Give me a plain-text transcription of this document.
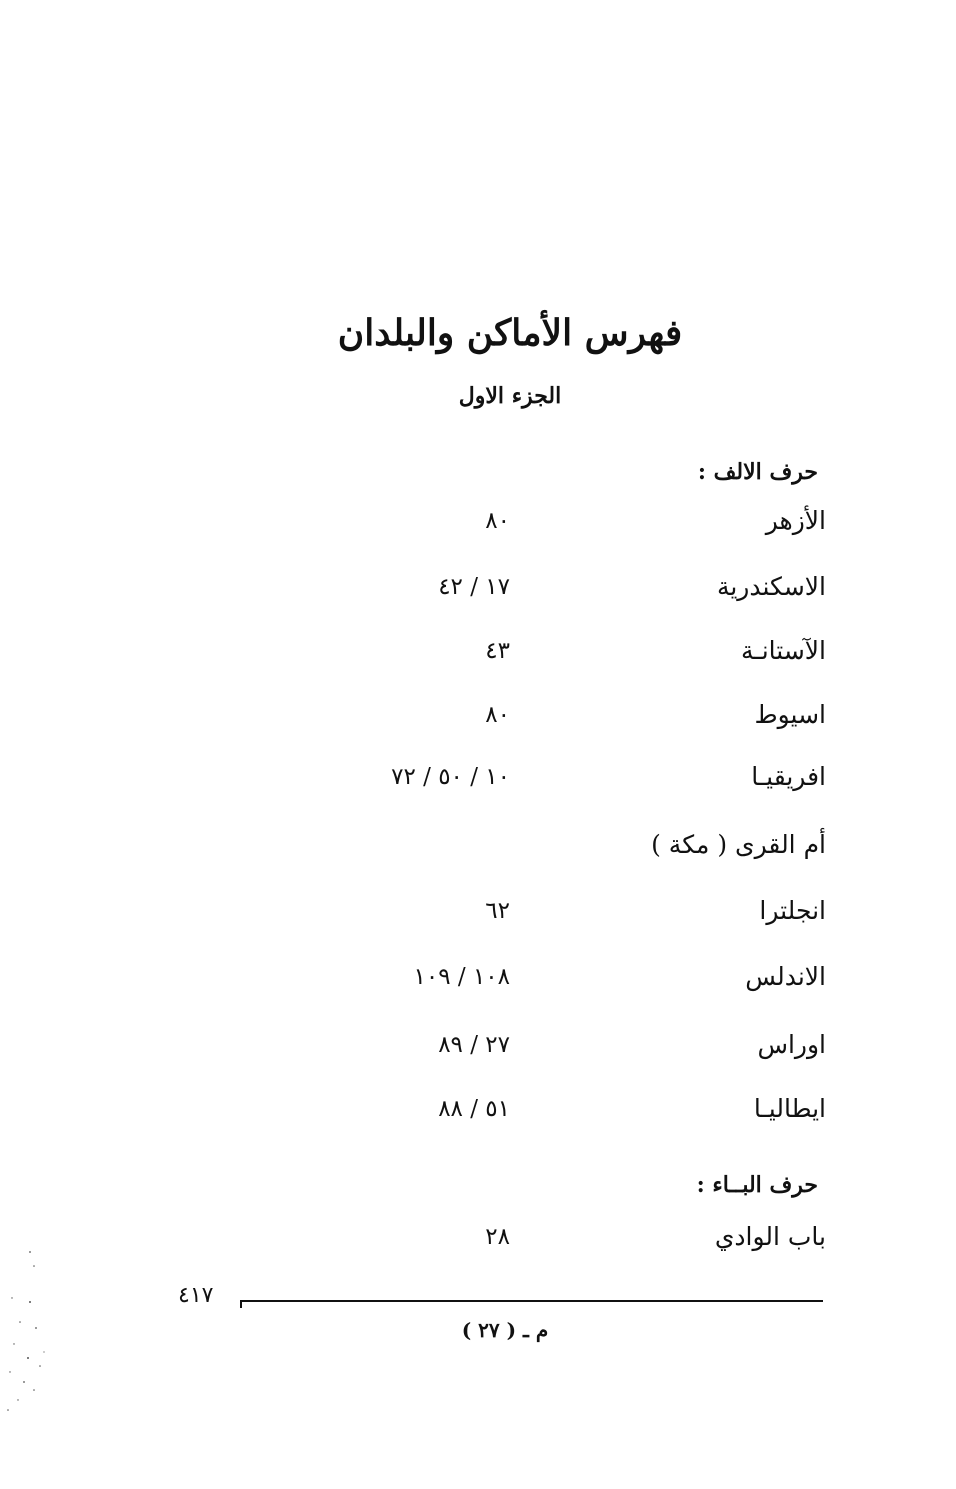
فهرس الأماكن والبلدان
الجزء الاول
حرف الالف :
الأزهر
٨٠
الاسكندرية
١٧ / ٤٢
الآستانـة
٤٣
اسيوط
٨٠
افريقيـا
١٠ / ٥٠ / ٧٢
أم القرى ( مكة )
انجلترا
٦٢
الاندلس
١٠٨ / ١٠٩
اوراس
٢٧ / ٨٩
ايطاليـا
٥١ / ٨٨
حرف البــاء :
باب الوادي
٢٨
٤١٧
م ـ ( ٢٧ )
